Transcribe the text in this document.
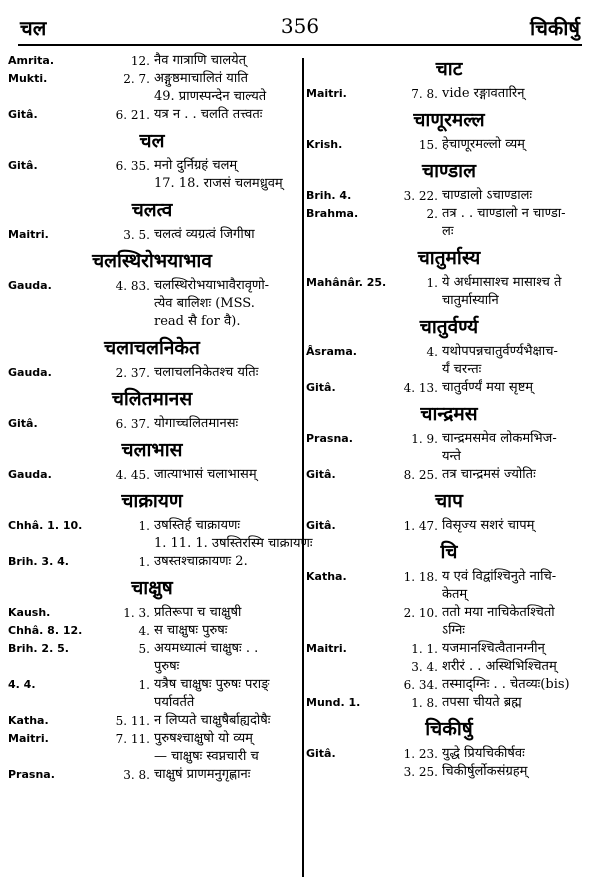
चल	356	चिकीर्षु
Amrita.	12. नैव गात्राणि चालयेत्
Mukti.	2. 7. अङ्गुष्ठमाचालितं याति
49. प्राणस्पन्देन चाल्यते
Gitâ.	6. 21. यत्र न . . चलति तत्त्वतः
चल
Gitâ.	6. 35. मनो दुर्निग्रहं चलम्
17. 18. राजसं चलमध्रुवम्
चलत्व
Maitri.	3. 5. चलत्वं व्यग्रत्वं जिगीषा
चलस्थिरोभयाभाव
Gauda.	4. 83. चलस्थिरोभयाभावैरावृणो-
त्येव बालिशः (MSS.
read सै for वै).
चलाचलनिकेत
Gauda.	2. 37. चलाचलनिकेतश्च यतिः
चलितमानस
Gitâ.	6. 37. योगाच्चलितमानसः
चलाभास
Gauda.	4. 45. जात्याभासं चलाभासम्
चाक्रायण
Chhâ. 1. 10.	1. उषस्तिर्ह चाक्रायणः
1. 11. 1. उषस्तिरस्मि चाक्रायणः
Brih. 3. 4.	1. उषस्तश्चाक्रायणः 2.
चाक्षुष
Kaush.	1. 3. प्रतिरूपा च चाक्षुषी
Chhâ. 8. 12.	4. स चाक्षुषः पुरुषः
Brih. 2. 5.	5. अयमध्यात्मं चाक्षुषः . .
पुरुषः
4. 4.	1. यत्रैष चाक्षुषः पुरुषः पराङ्
पर्यावर्तते
Katha.	5. 11. न लिप्यते चाक्षुषैर्बाह्यदोषैः
Maitri.	7. 11. पुरुषश्चाक्षुषो यो व्यम्
— चाक्षुषः स्वप्नचारी च
Prasna.	3. 8. चाक्षुषं प्राणमनुगृह्णानः
चाट
Maitri.	7. 8. vide रङ्गावतारिन्
चाणूरमल्ल
Krish.	15. हेचाणूरमल्लो व्यम्
चाण्डाल
Brih. 4.	3. 22. चाण्डालो ऽचाण्डालः
Brahma.	2. तत्र . . चाण्डालो न चाण्डा-
लः
चातुर्मास्य
Mahânâr. 25.	1. ये अर्धमासाश्च मासाश्च ते
चातुर्मास्यानि
चातुर्वर्ण्य
Âsrama.	4. यथोपपन्नचातुर्वर्ण्यभैक्षाच-
र्यं चरन्तः
Gitâ.	4. 13. चातुर्वर्ण्यं मया सृष्टम्
चान्द्रमस
Prasna.	1. 9. चान्द्रमसमेव लोकमभिज-
यन्ते
Gitâ.	8. 25. तत्र चान्द्रमसं ज्योतिः
चाप
Gitâ.	1. 47. विसृज्य सशरं चापम्
चि
Katha.	1. 18. य एवं विद्वांश्चिनुते नाचि-
केतम्
2. 10. ततो मया नाचिकेतश्चितो
ऽग्निः
Maitri.	1. 1. यजमानश्चित्वैतानग्नीन्
3. 4. शरीरं . . अस्थिभिश्चितम्
6. 34. तस्माद्ग्निः . . चेतव्यः(bis)
Mund. 1.	1. 8. तपसा चीयते ब्रह्म
चिकीर्षु
Gitâ.	1. 23. युद्धे प्रियचिकीर्षवः
3. 25. चिकीर्षुर्लोकसंग्रहम्
